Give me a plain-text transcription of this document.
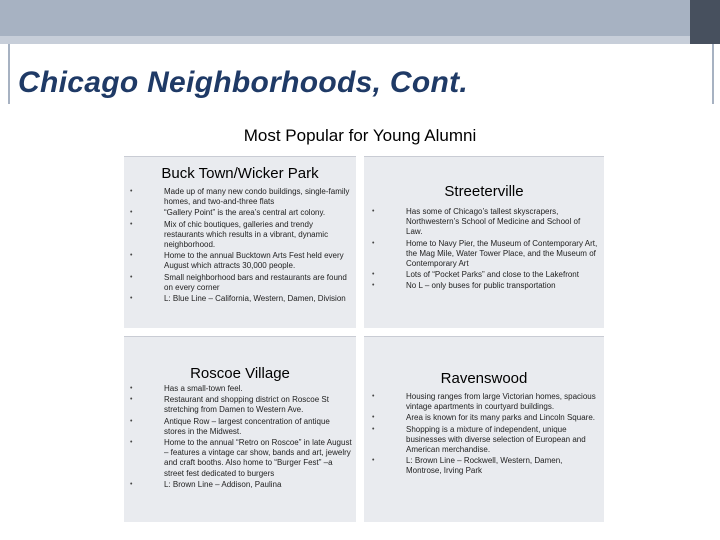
Chicago Neighborhoods, Cont.
Most Popular for Young Alumni
Buck Town/Wicker Park
•	Made up of many new condo buildings, single-family homes, and two-and-three flats
•	“Gallery Point” is the area’s central art colony.
•	Mix of chic boutiques, galleries and trendy restaurants which results in a vibrant, dynamic neighborhood.
•	Home to the annual Bucktown Arts Fest held every August which attracts 30,000 people.
•	Small neighborhood bars and restaurants are found on every corner
•	L: Blue Line – California, Western, Damen, Division
Streeterville
•	Has some of Chicago’s tallest skyscrapers, Northwestern’s School of Medicine and School of Law.
•	Home to Navy Pier, the Museum of Contemporary Art, the Mag Mile, Water Tower Place, and the Museum of Contemporary Art
•	Lots of “Pocket Parks” and close to the Lakefront
•	No L – only buses for public transportation
Roscoe Village
•	Has a small-town feel.
•	Restaurant and shopping district on Roscoe St stretching from Damen to Western Ave.
•	Antique Row – largest concentration of antique stores in the Midwest.
•	Home to the annual “Retro on Roscoe” in late August – features a vintage car show, bands and art, jewelry and craft booths. Also home to “Burger Fest” –a street fest dedicated to burgers
•	L: Brown Line – Addison, Paulina
Ravenswood
•	Housing ranges from large Victorian homes, spacious vintage apartments in courtyard buildings.
•	Area is known for its many parks and Lincoln Square.
•	Shopping is a mixture of independent, unique businesses with diverse selection of European and American merchandise.
•	L: Brown Line – Rockwell, Western, Damen, Montrose, Irving Park
